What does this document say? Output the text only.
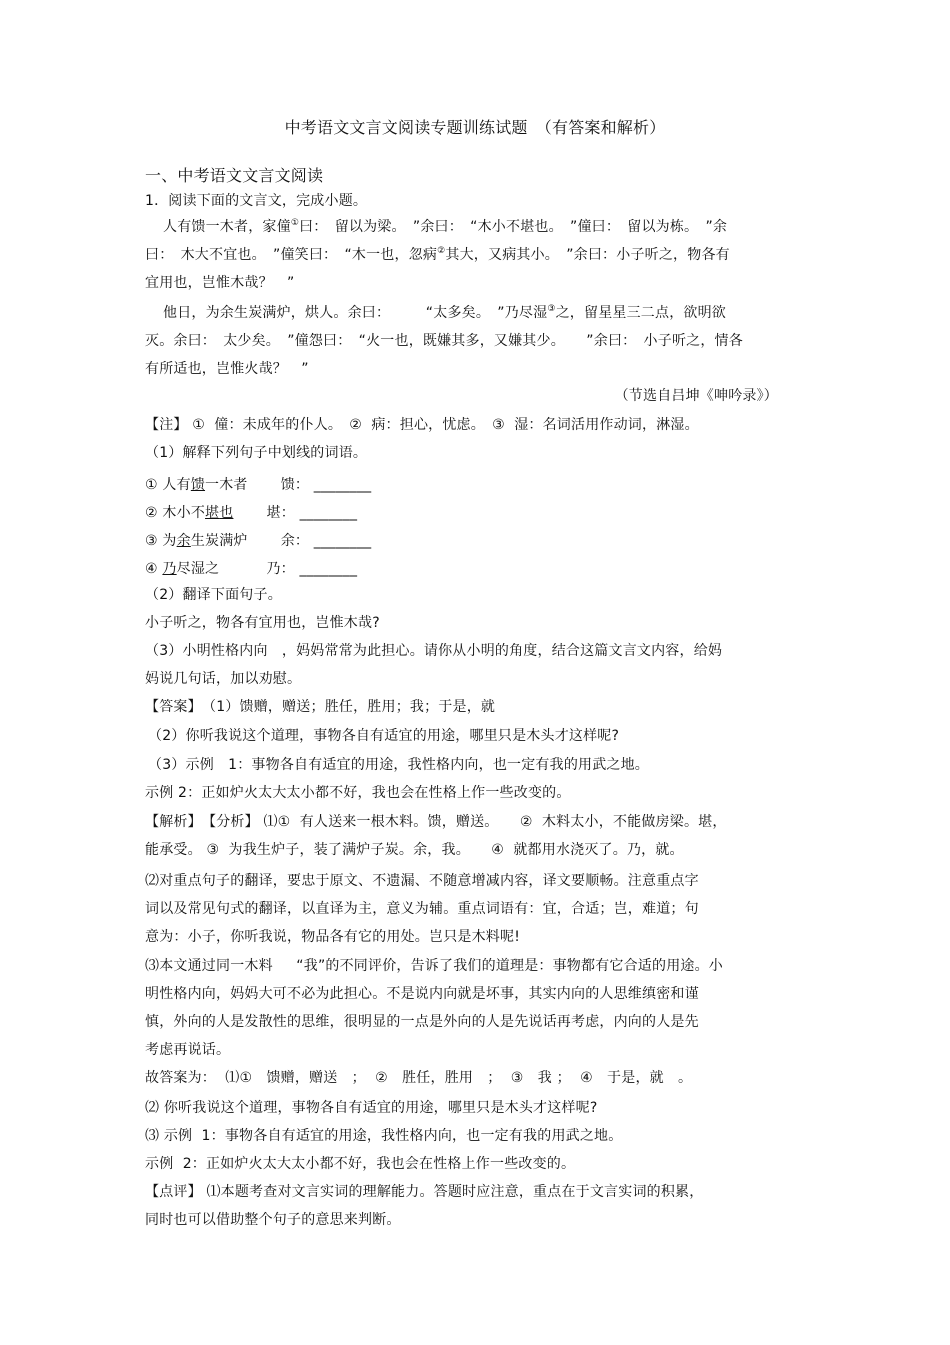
中考语文文言文阅读专题训练试题　（有答案和解析）
一、中考语文文言文阅读
1．阅读下面的文言文，完成小题。
人有馈一木者，家僮①曰：　留以为梁。　”余曰：　“木小不堪也。　”僮曰：　留以为栋。　”余
曰：　木大不宜也。　”僮笑曰：　“木一也，忽病②其大，又病其小。　”余曰：小子听之，物各有
宜用也，岂惟木哉？　”
他日，为余生炭满炉，烘人。余曰：　　　“太多矣。　”乃尽湿③之，留星星三二点，欲明欲
灭。余曰：　太少矣。　”僮怨曰：　“火一也，既嫌其多，又嫌其少。　　”余曰：　小子听之，情各
有所适也，岂惟火哉？　”
（节选自吕坤《呻吟录》）
【注】 ①  僮：未成年的仆人。　②  病：担心，忧虑。　③  湿：名词活用作动词，淋湿。
（1）解释下列句子中划线的词语。
① 人有馈一木者　　 馈： ________
② 木小不堪也　　 堪： ________
③ 为余生炭满炉　　 余： ________
④ 乃尽湿之　　　	乃： ________
（2）翻译下面句子。
小子听之，物各有宜用也，岂惟木哉?
（3）小明性格内向　，妈妈常常为此担心。请你从小明的角度，结合这篇文言文内容，给妈
妈说几句话，加以劝慰。
【答案】　（1）馈赠，赠送；胜任，胜用；我；于是，就
（2）你听我说这个道理，事物各自有适宜的用途，哪里只是木头才这样呢?
（3）示例　1：事物各自有适宜的用途，我性格内向，也一定有我的用武之地。
示例 2：正如炉火太大太小都不好，我也会在性格上作一些改变的。
【解析】　【分析】 ⑴①  有人送来一根木料。馈，赠送。　　②  木料太小，不能做房梁。堪，
能承受。 ③  为我生炉子，装了满炉子炭。余，我。　　④  就都用水浇灭了。乃，就。
⑵对重点句子的翻译，要忠于原文、不遗漏、不随意增减内容，译文要顺畅。注意重点字
词以及常见句式的翻译，以直译为主，意义为辅。重点词语有：宜，合适；岂，难道；句
意为：小子，你听我说，物品各有它的用处。岂只是木料呢!
⑶本文通过同一木料　  “我”的不同评价，告诉了我们的道理是：事物都有它合适的用途。小
明性格内向，妈妈大可不必为此担心。不是说内向就是坏事，其实内向的人思维缜密和谨
慎，外向的人是发散性的思维，很明显的一点是外向的人是先说话再考虑，内向的人是先
考虑再说话。
故答案为：  ⑴①　馈赠，赠送　；  ②　胜任，胜用　；  ③　我 ；  ④　于是，就　。
⑵ 你听我说这个道理，事物各自有适宜的用途，哪里只是木头才这样呢?
⑶ 示例  1：事物各自有适宜的用途，我性格内向，也一定有我的用武之地。
示例  2：正如炉火太大太小都不好，我也会在性格上作一些改变的。
【点评】 ⑴本题考查对文言实词的理解能力。答题时应注意，重点在于文言实词的积累，
同时也可以借助整个句子的意思来判断。
